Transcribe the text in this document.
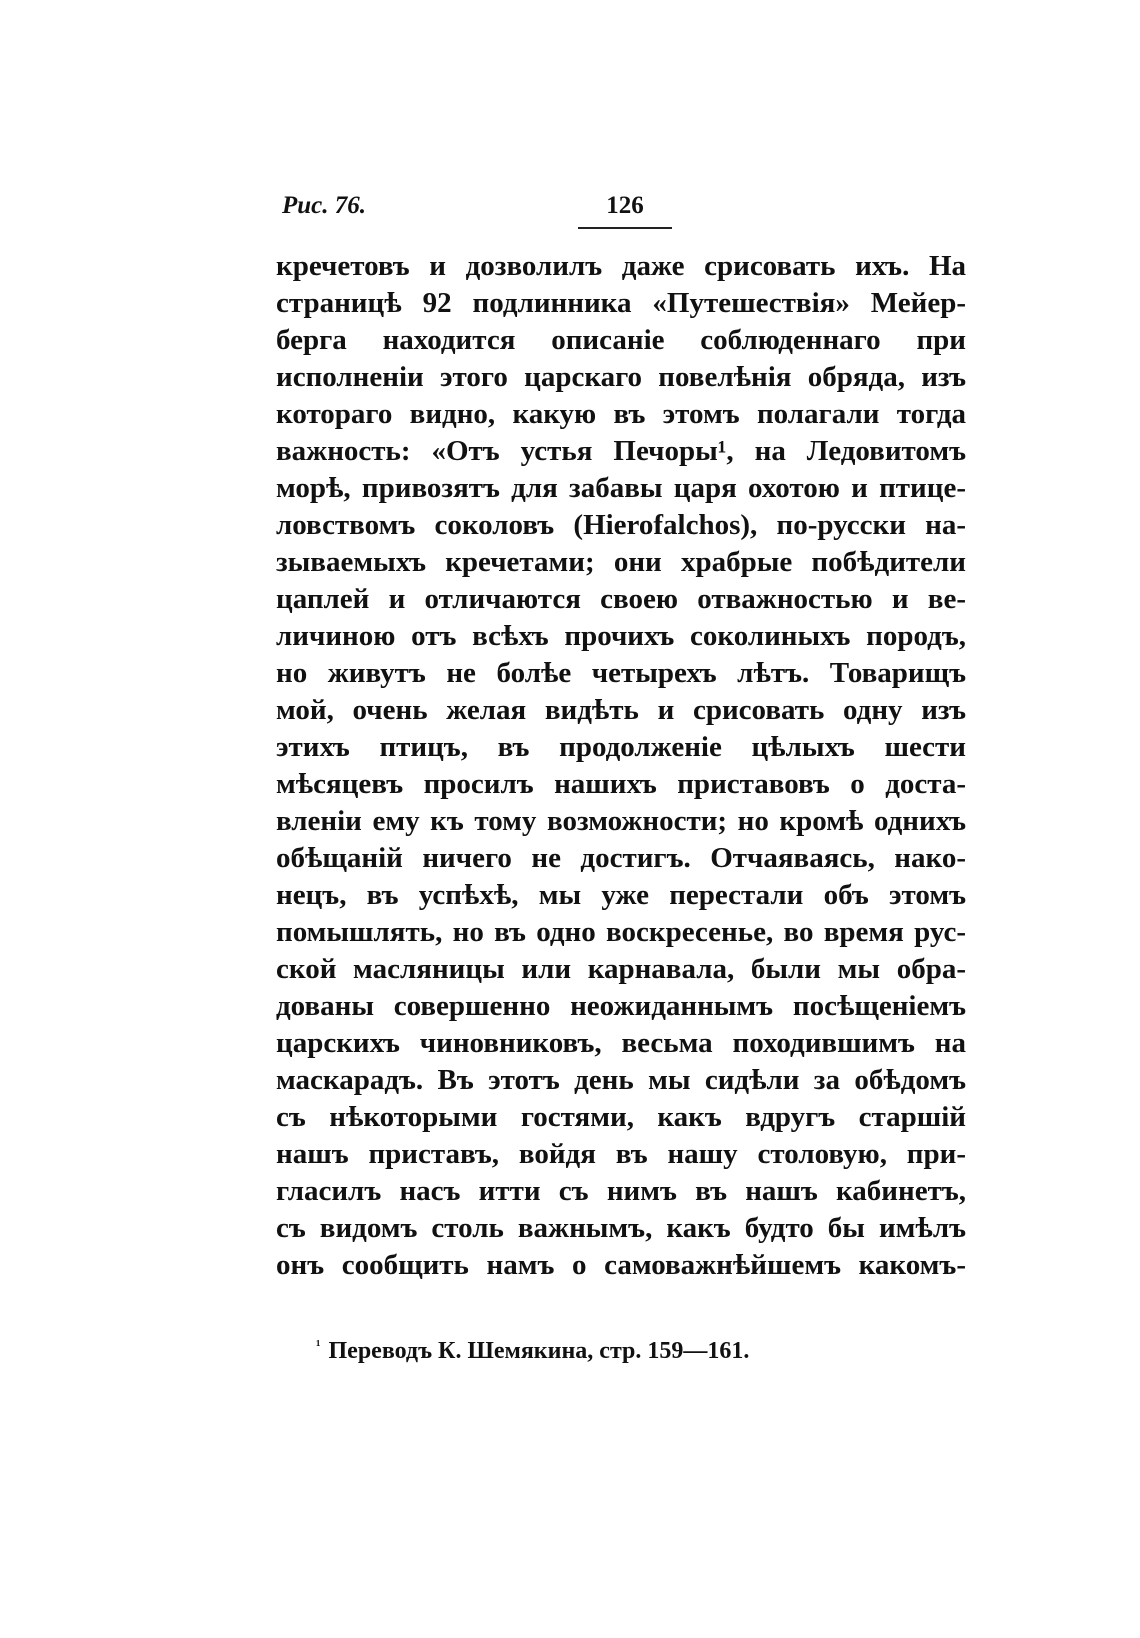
Рис. 76.	126
кречетовъ и дозволилъ даже срисовать ихъ. На
страницѣ 92 подлинника «Путешествія» Мейер-
берга находится описаніе соблюденнаго при
исполненіи этого царскаго повелѣнія обряда, изъ
котораго видно, какую въ этомъ полагали тогда
важность: «Отъ устья Печоры¹, на Ледовитомъ
морѣ, привозятъ для забавы царя охотою и птице-
ловствомъ соколовъ (Hierofalchos), по-русски на-
зываемыхъ кречетами; они храбрые побѣдители
цаплей и отличаются своею отважностью и ве-
личиною отъ всѣхъ прочихъ соколиныхъ породъ,
но живутъ не болѣе четырехъ лѣтъ. Товарищъ
мой, очень желая видѣть и срисовать одну изъ
этихъ птицъ, въ продолженіе цѣлыхъ шести
мѣсяцевъ просилъ нашихъ приставовъ о доста-
вленіи ему къ тому возможности; но кромѣ однихъ
обѣщаній ничего не достигъ. Отчаяваясь, нако-
нецъ, въ успѣхѣ, мы уже перестали объ этомъ
помышлять, но въ одно воскресенье, во время рус-
ской масляницы или карнавала, были мы обра-
дованы совершенно неожиданнымъ посѣщеніемъ
царскихъ чиновниковъ, весьма походившимъ на
маскарадъ. Въ этотъ день мы сидѣли за обѣдомъ
съ нѣкоторыми гостями, какъ вдругъ старшій
нашъ приставъ, войдя въ нашу столовую, при-
гласилъ насъ итти съ нимъ въ нашъ кабинетъ,
съ видомъ столь важнымъ, какъ будто бы имѣлъ
онъ сообщить намъ о самоважнѣйшемъ какомъ-
$^{^1}$ Переводъ К. Шемякина, стр. 159—161.
